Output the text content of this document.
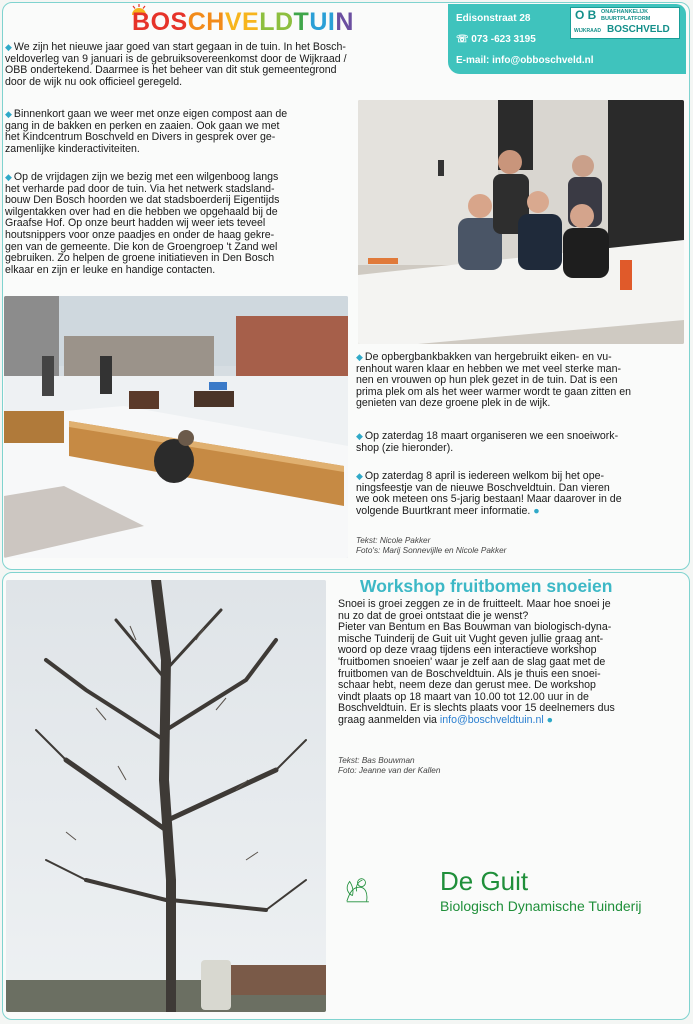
BOSCHVELDTUIN	Edisonstraat 28
☏ 073 -623 3195
E-mail: info@obboschveld.nl
O B ONAFHANKELIJK
BUURTPLATFORM
WIJKRAAD BOSCHVELD
◆ We zijn het nieuwe jaar goed van start gegaan in de tuin. In het Bosch-
veldoverleg van 9 januari is de gebruiksovereenkomst door de Wijkraad /
OBB ondertekend. Daarmee is het beheer van dit stuk gemeentegrond
door de wijk nu ook officieel geregeld.
◆ Binnenkort gaan we weer met onze eigen compost aan de
gang in de bakken en perken en zaaien. Ook gaan we met
het Kindcentrum Boschveld en Divers in gesprek over ge-
zamenlijke kinderactiviteiten.
◆ Op de vrijdagen zijn we bezig met een wilgenboog langs
het verharde pad door de tuin. Via het netwerk stadsland-
bouw Den Bosch hoorden we dat stadsboerderij Eigentijds
wilgentakken over had en die hebben we opgehaald bij de
Graafse Hof. Op onze beurt hadden wij weer iets teveel
houtsnippers voor onze paadjes en onder de haag gekre-
gen van de gemeente. Die kon de Groengroep 't Zand wel
gebruiken. Zo helpen de groene initiatieven in Den Bosch
elkaar en zijn er leuke en handige contacten.
◆ De opbergbankbakken van hergebruikt eiken- en vu-
renhout waren klaar en hebben we met veel sterke man-
nen en vrouwen op hun plek gezet in de tuin. Dat is een
prima plek om als het weer warmer wordt te gaan zitten en
genieten van deze groene plek in de wijk.
◆ Op zaterdag 18 maart organiseren we een snoeiwork-
shop (zie hieronder).
◆ Op zaterdag 8 april is iedereen welkom bij het ope-
ningsfeestje van de nieuwe Boschveldtuin. Dan vieren
we ook meteen ons 5-jarig bestaan! Maar daarover in de
volgende Buurtkrant meer informatie. ●
Tekst: Nicole Pakker
Foto's: Marij Sonnevijlle en Nicole Pakker
Workshop fruitbomen snoeien
Snoei is groei zeggen ze in de fruitteelt. Maar hoe snoei je
nu zo dat de groei ontstaat die je wenst?
Pieter van Bentum en Bas Bouwman van biologisch-dyna-
mische Tuinderij de Guit uit Vught geven jullie graag ant-
woord op deze vraag tijdens een interactieve workshop
'fruitbomen snoeien' waar je zelf aan de slag gaat met de
fruitbomen van de Boschveldtuin. Als je thuis een snoei-
schaar hebt, neem deze dan gerust mee. De workshop
vindt plaats op 18 maart van 10.00 tot 12.00 uur in de
Boschveldtuin. Er is slechts plaats voor 15 deelnemers dus
graag aanmelden via info@boschveldtuin.nl ●
Tekst: Bas Bouwman
Foto: Jeanne van der Kallen
De Guit
Biologisch Dynamische Tuinderij
